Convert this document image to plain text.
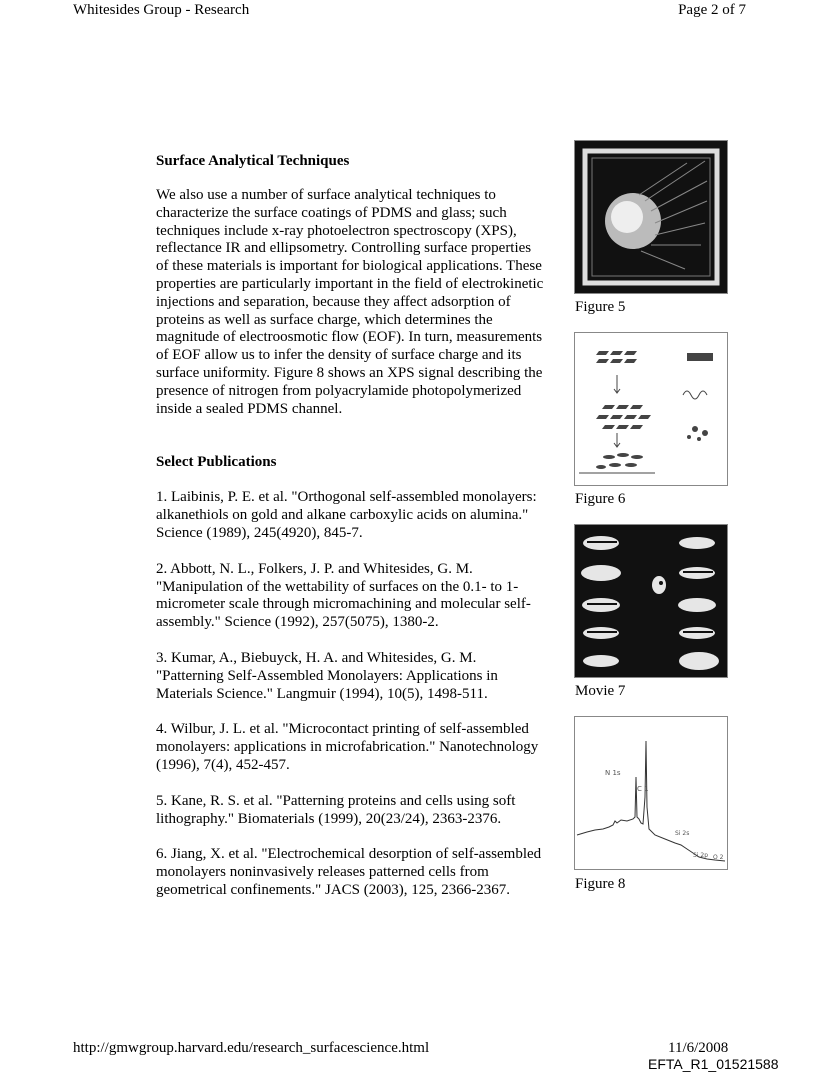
Whitesides Group - Research	Page 2 of 7
Surface Analytical Techniques

We also use a number of surface analytical techniques to characterize the surface coatings of PDMS and glass; such techniques include x-ray photoelectron spectroscopy (XPS), reflectance IR and ellipsometry. Controlling surface properties of these materials is important for biological applications. These properties are particularly important in the field of electrokinetic injections and separation, because they affect adsorption of proteins as well as surface charge, which determines the magnitude of electroosmotic flow (EOF). In turn, measurements of EOF allow us to infer the density of surface charge and its surface uniformity. Figure 8 shows an XPS signal describing the presence of nitrogen from polyacrylamide photopolymerized inside a sealed PDMS channel.

Select Publications

1. Laibinis, P. E. et al. "Orthogonal self-assembled monolayers: alkanethiols on gold and alkane carboxylic acids on alumina." Science (1989), 245(4920), 845-7.

2. Abbott, N. L., Folkers, J. P. and Whitesides, G. M. "Manipulation of the wettability of surfaces on the 0.1- to 1-micrometer scale through micromachining and molecular self-assembly." Science (1992), 257(5075), 1380-2.

3. Kumar, A., Biebuyck, H. A. and Whitesides, G. M. "Patterning Self-Assembled Monolayers: Applications in Materials Science." Langmuir (1994), 10(5), 1498-511.

4. Wilbur, J. L. et al. "Microcontact printing of self-assembled monolayers: applications in microfabrication." Nanotechnology (1996), 7(4), 452-457.

5. Kane, R. S. et al. "Patterning proteins and cells using soft lithography." Biomaterials (1999), 20(23/24), 2363-2376.

6. Jiang, X. et al. "Electrochemical desorption of self-assembled monolayers noninvasively releases patterned cells from geometrical confinements." JACS (2003), 125, 2366-2367.

Figure 5
Figure 6
Movie 7
N 1s
C 1
Si 2s
Si 2p O 2
Figure 8
http://gmwgroup.harvard.edu/research_surfacescience.html	11/6/2008
EFTA_R1_01521588
